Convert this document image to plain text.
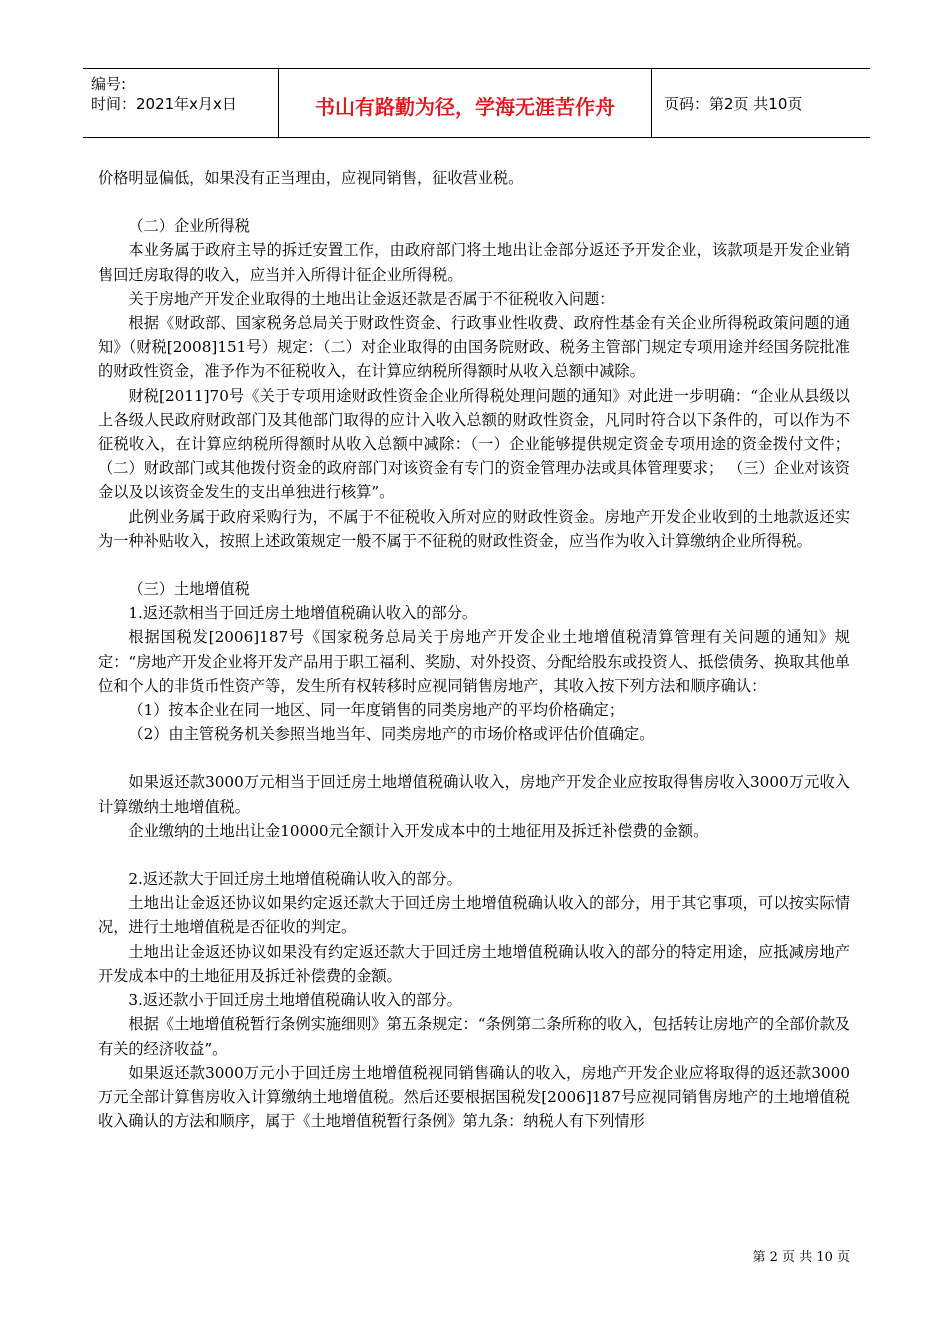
编号:
时间：2021年x月x日	书山有路勤为径，学海无涯苦作舟	页码：第2页 共10页

价格明显偏低，如果没有正当理由，应视同销售，征收营业税。

（二）企业所得税

本业务属于政府主导的拆迁安置工作，由政府部门将土地出让金部分返还予开发企业，该款项是开发企业销售回迁房取得的收入，应当并入所得计征企业所得税。

关于房地产开发企业取得的土地出让金返还款是否属于不征税收入问题：

根据《财政部、国家税务总局关于财政性资金、行政事业性收费、政府性基金有关企业所得税政策问题的通知》（财税[2008]151号）规定：（二）对企业取得的由国务院财政、税务主管部门规定专项用途并经国务院批准的财政性资金，准予作为不征税收入，在计算应纳税所得额时从收入总额中减除。

财税[2011]70号《关于专项用途财政性资金企业所得税处理问题的通知》对此进一步明确：“企业从县级以上各级人民政府财政部门及其他部门取得的应计入收入总额的财政性资金，凡同时符合以下条件的，可以作为不征税收入，在计算应纳税所得额时从收入总额中减除：（一）企业能够提供规定资金专项用途的资金拨付文件； （二）财政部门或其他拨付资金的政府部门对该资金有专门的资金管理办法或具体管理要求； （三）企业对该资金以及以该资金发生的支出单独进行核算”。

此例业务属于政府采购行为，不属于不征税收入所对应的财政性资金。房地产开发企业收到的土地款返还实为一种补贴收入，按照上述政策规定一般不属于不征税的财政性资金，应当作为收入计算缴纳企业所得税。

（三）土地增值税

1.返还款相当于回迁房土地增值税确认收入的部分。

根据国税发[2006]187号《国家税务总局关于房地产开发企业土地增值税清算管理有关问题的通知》规定：“房地产开发企业将开发产品用于职工福利、奖励、对外投资、分配给股东或投资人、抵偿债务、换取其他单位和个人的非货币性资产等，发生所有权转移时应视同销售房地产，其收入按下列方法和顺序确认：

（1）按本企业在同一地区、同一年度销售的同类房地产的平均价格确定；

（2）由主管税务机关参照当地当年、同类房地产的市场价格或评估价值确定。

如果返还款3000万元相当于回迁房土地增值税确认收入，房地产开发企业应按取得售房收入3000万元收入计算缴纳土地增值税。

企业缴纳的土地出让金10000元全额计入开发成本中的土地征用及拆迁补偿费的金额。

2.返还款大于回迁房土地增值税确认收入的部分。

土地出让金返还协议如果约定返还款大于回迁房土地增值税确认收入的部分，用于其它事项，可以按实际情况，进行土地增值税是否征收的判定。

土地出让金返还协议如果没有约定返还款大于回迁房土地增值税确认收入的部分的特定用途，应抵减房地产开发成本中的土地征用及拆迁补偿费的金额。

3.返还款小于回迁房土地增值税确认收入的部分。

根据《土地增值税暂行条例实施细则》第五条规定：“条例第二条所称的收入，包括转让房地产的全部价款及有关的经济收益”。

如果返还款3000万元小于回迁房土地增值税视同销售确认的收入，房地产开发企业应将取得的返还款3000万元全部计算售房收入计算缴纳土地增值税。然后还要根据国税发[2006]187号应视同销售房地产的土地增值税收入确认的方法和顺序，属于《土地增值税暂行条例》第九条：纳税人有下列情形

第 2 页 共 10 页
